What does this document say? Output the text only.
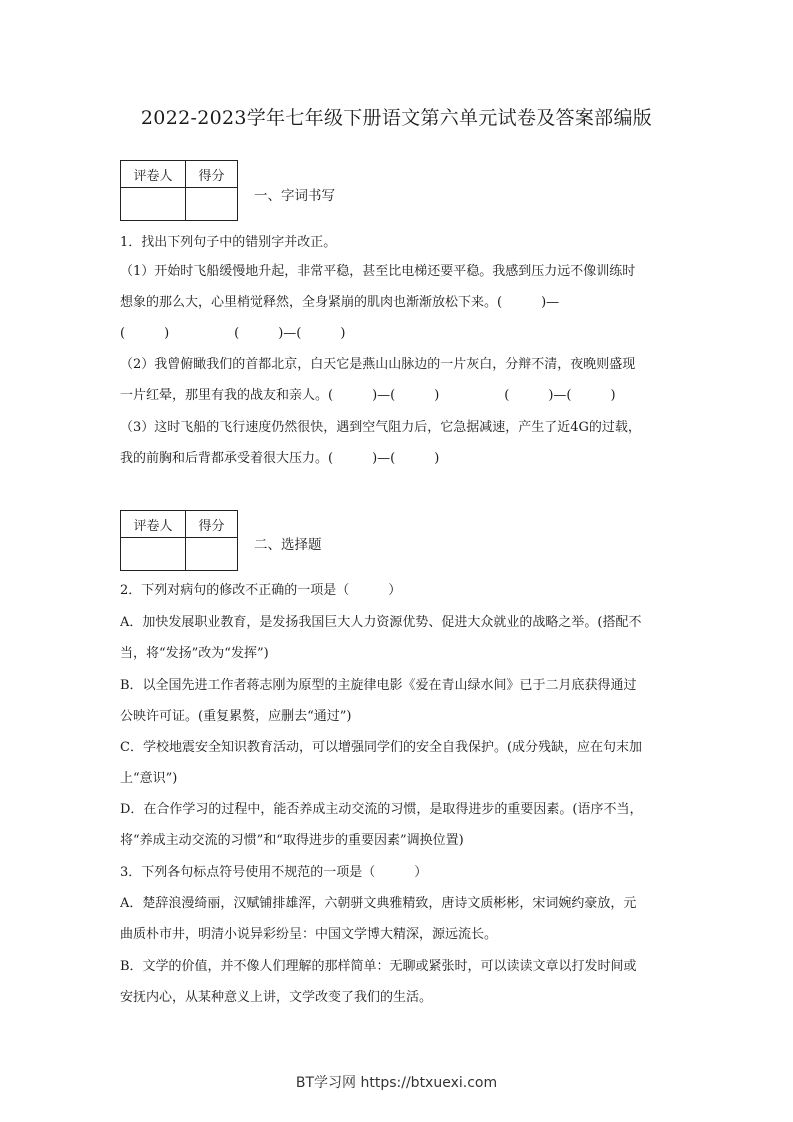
2022-2023学年七年级下册语文第六单元试卷及答案部编版
评卷人	得分

一、字词书写
1．找出下列句子中的错别字并改正。
（1）开始时飞船缓慢地升起，非常平稳，甚至比电梯还要平稳。我感到压力远不像训练时
想象的那么大，心里梢觉释然，全身紧崩的肌肉也渐渐放松下来。(　　　)—
(　　　)　　　　　(　　　)—(　　　)
（2）我曾俯瞰我们的首都北京，白天它是燕山山脉边的一片灰白，分辩不清，夜晚则盛现
一片红晕，那里有我的战友和亲人。(　　　)—(　　　)　　　　　(　　　)—(　　　)
（3）这时飞船的飞行速度仍然很快，遇到空气阻力后，它急据减速，产生了近4G的过载，
我的前胸和后背都承受着很大压力。(　　　)—(　　　)
评卷人	得分

二、选择题
2．下列对病句的修改不正确的一项是（　　　）
A．加快发展职业教育，是发扬我国巨大人力资源优势、促进大众就业的战略之举。(搭配不
当，将“发扬”改为“发挥”)
B．以全国先进工作者蒋志刚为原型的主旋律电影《爱在青山绿水间》已于二月底获得通过
公映许可证。(重复累赘，应删去“通过”)
C．学校地震安全知识教育活动，可以增强同学们的安全自我保护。(成分残缺，应在句末加
上“意识”)
D．在合作学习的过程中，能否养成主动交流的习惯，是取得进步的重要因素。(语序不当，
将“养成主动交流的习惯”和“取得进步的重要因素”调换位置)
3．下列各句标点符号使用不规范的一项是（　　　）
A．楚辞浪漫绮丽，汉赋铺排雄浑，六朝骈文典雅精致，唐诗文质彬彬，宋词婉约豪放，元
曲质朴市井，明清小说异彩纷呈：中国文学博大精深，源远流长。
B．文学的价值，并不像人们理解的那样简单：无聊或紧张时，可以读读文章以打发时间或
安抚内心，从某种意义上讲，文学改变了我们的生活。
BT学习网 https://btxuexi.com
